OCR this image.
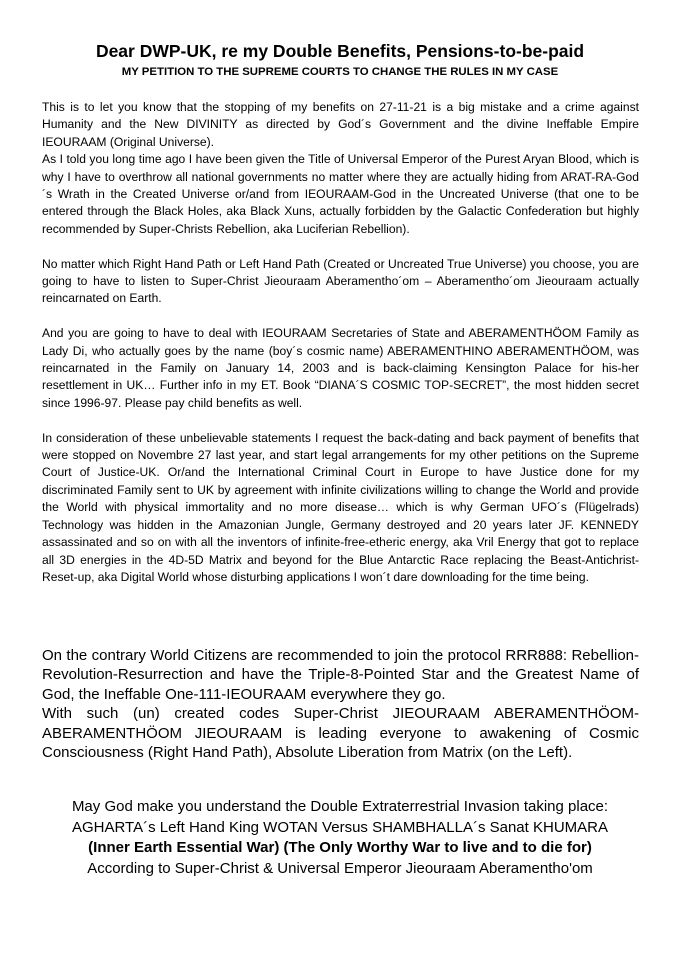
Dear DWP-UK, re my Double Benefits, Pensions-to-be-paid
MY PETITION TO THE SUPREME COURTS TO CHANGE THE RULES IN MY CASE

This is to let you know that the stopping of my benefits on 27-11-21 is a big mistake and a crime against Humanity and the New DIVINITY as directed by God´s Government and the divine Ineffable Empire IEOURAAM (Original Universe).

As I told you long time ago I have been given the Title of Universal Emperor of the Purest Aryan Blood, which is why I have to overthrow all national governments no matter where they are actually hiding from ARAT-RA-God´s Wrath in the Created Universe or/and from IEOURAAM-God in the Uncreated Universe (that one to be entered through the Black Holes, aka Black Xuns, actually forbidden by the Galactic Confederation but highly recommended by Super-Christs Rebellion, aka Luciferian Rebellion).

No matter which Right Hand Path or Left Hand Path (Created or Uncreated True Universe) you choose, you are going to have to listen to Super-Christ Jieouraam Aberamentho´om – Aberamentho´om Jieouraam actually reincarnated on Earth.

And you are going to have to deal with IEOURAAM Secretaries of State and ABERAMENTHÖOM Family as Lady Di, who actually goes by the name (boy´s cosmic name) ABERAMENTHINO ABERAMENTHÖOM, was reincarnated in the Family on January 14, 2003 and is back-claiming Kensington Palace for his-her resettlement in UK… Further info in my ET. Book “DIANA´S COSMIC TOP-SECRET”, the most hidden secret since 1996-97. Please pay child benefits as well.

In consideration of these unbelievable statements I request the back-dating and back payment of benefits that were stopped on Novembre 27 last year, and start legal arrangements for my other petitions on the Supreme Court of Justice-UK. Or/and the International Criminal Court in Europe to have Justice done for my discriminated Family sent to UK by agreement with infinite civilizations willing to change the World and provide the World with physical immortality and no more disease… which is why German UFO´s (Flügelrads) Technology was hidden in the Amazonian Jungle, Germany destroyed and 20 years later JF. KENNEDY assassinated and so on with all the inventors of infinite-free-etheric energy, aka Vril Energy that got to replace all 3D energies in the 4D-5D Matrix and beyond for the Blue Antarctic Race replacing the Beast-Antichrist-Reset-up, aka Digital World whose disturbing applications I won´t dare downloading for the time being.

On the contrary World Citizens are recommended to join the protocol RRR888: Rebellion-Revolution-Resurrection and have the Triple-8-Pointed Star and the Greatest Name of God, the Ineffable One-111-IEOURAAM everywhere they go.

With such (un) created codes Super-Christ JIEOURAAM ABERAMENTHÖOM-ABERAMENTHÖOM JIEOURAAM is leading everyone to awakening of Cosmic Consciousness (Right Hand Path), Absolute Liberation from Matrix (on the Left).

May God make you understand the Double Extraterrestrial Invasion taking place:

AGHARTA´s Left Hand King WOTAN Versus SHAMBHALLA´s Sanat KHUMARA

(Inner Earth Essential War) (The Only Worthy War to live and to die for)

According to Super-Christ & Universal Emperor Jieouraam Aberamentho'om
